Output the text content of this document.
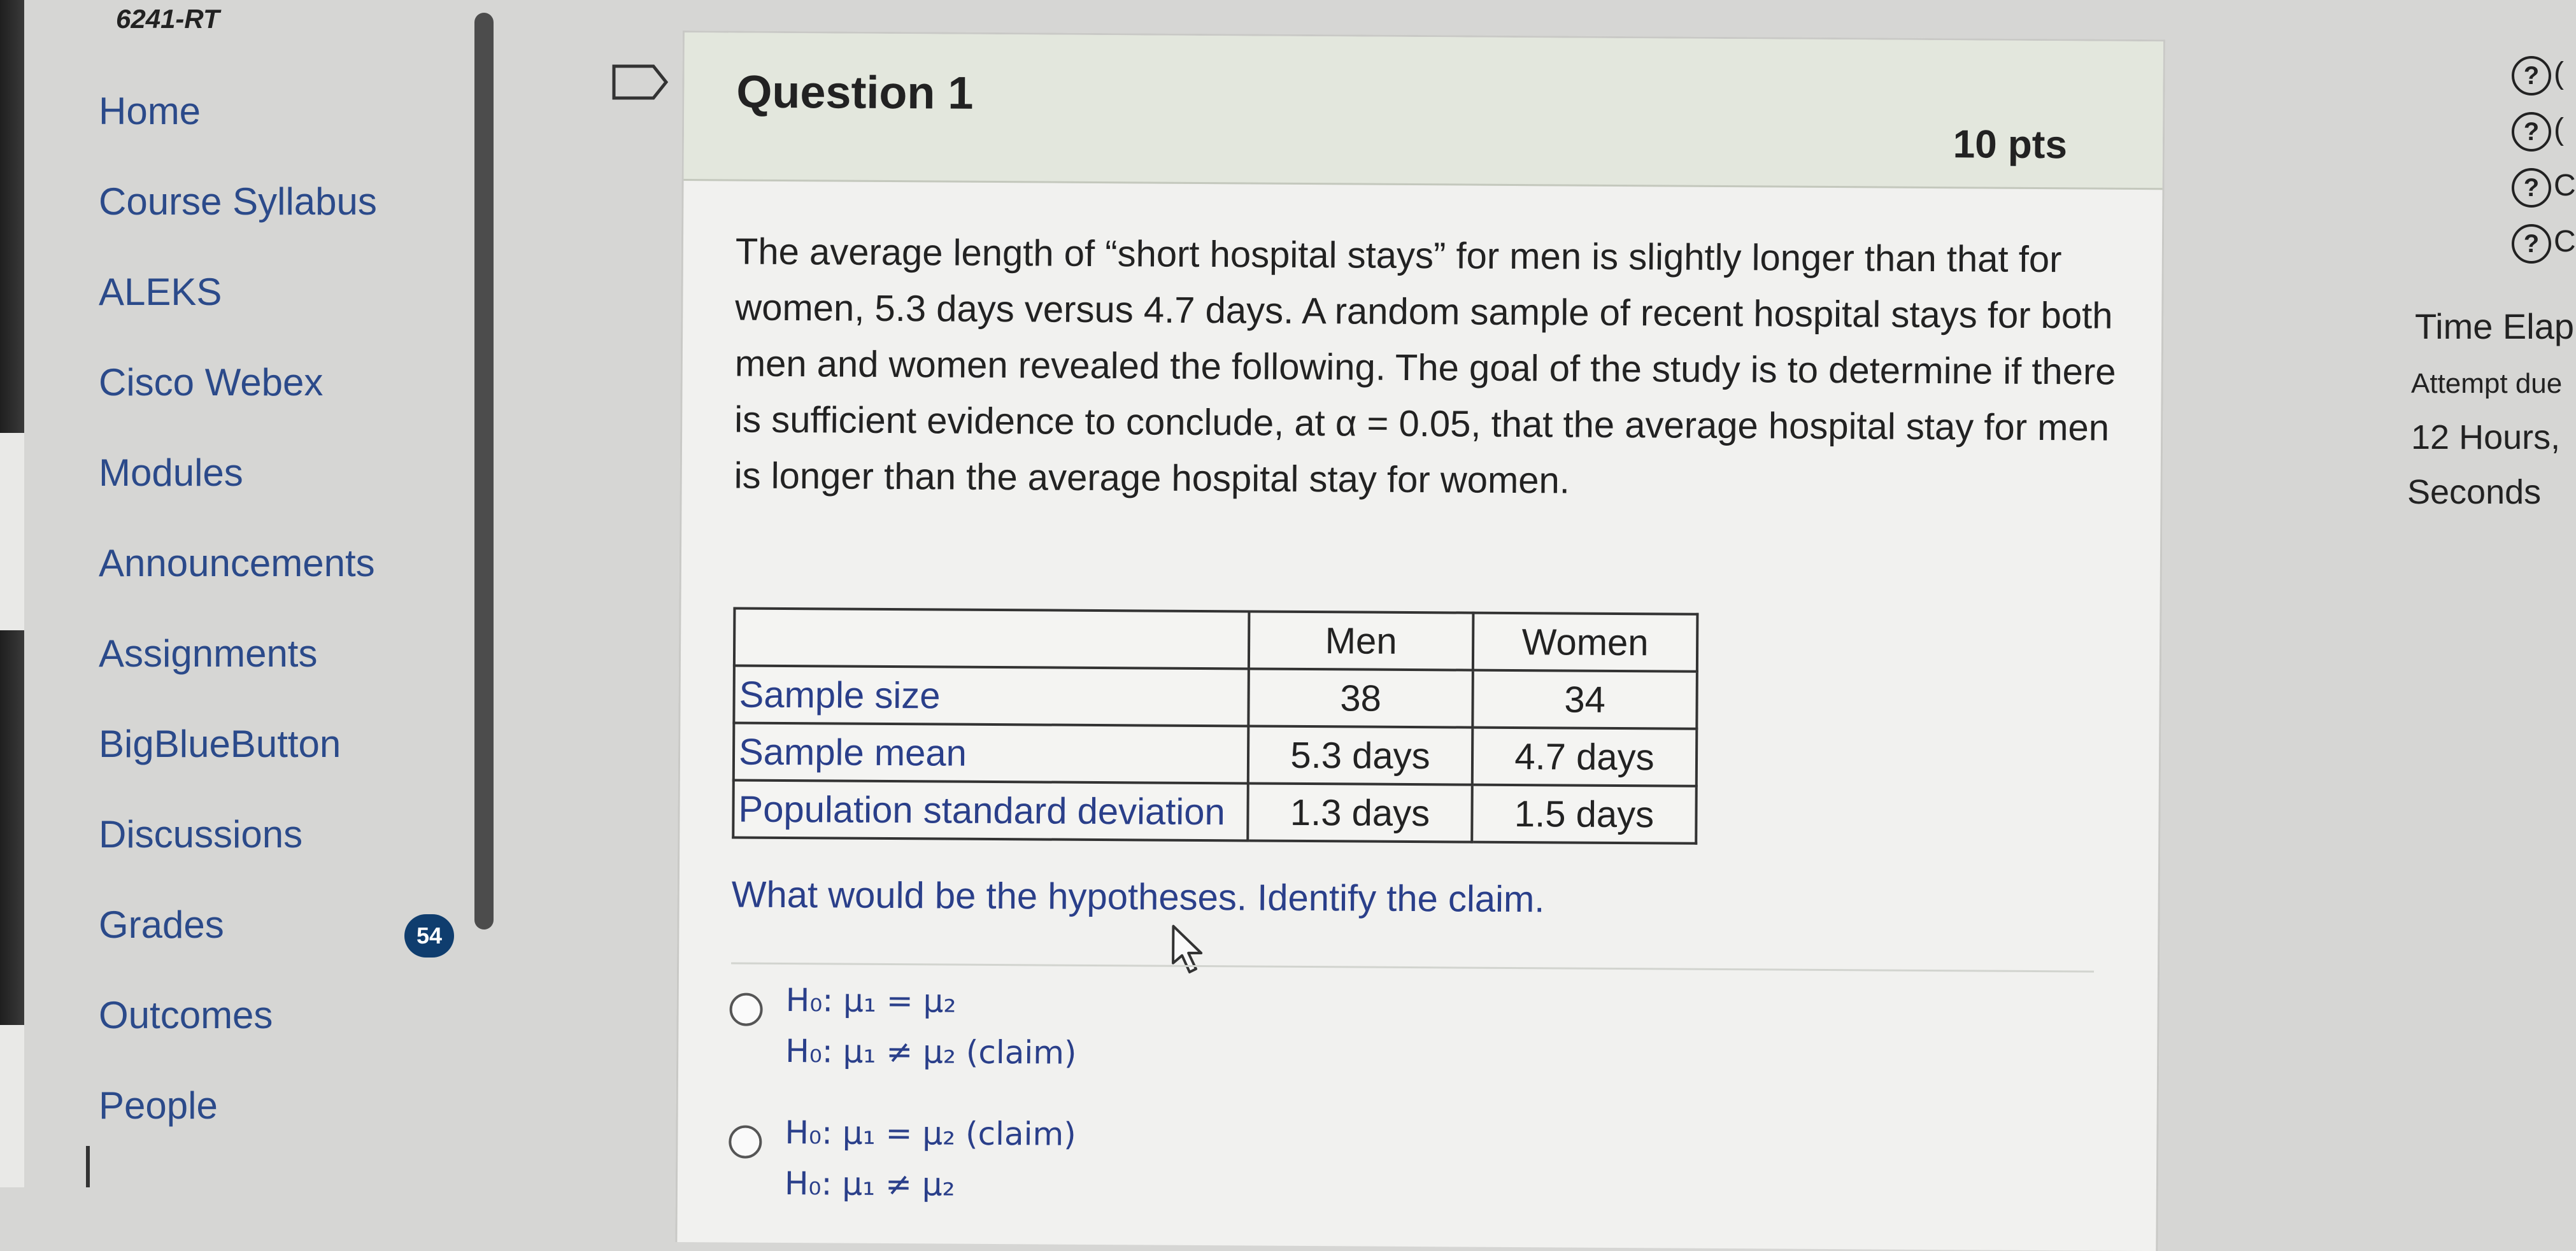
6241-RT
Home
Course Syllabus
ALEKS
Cisco Webex
Modules
Announcements
Assignments
BigBlueButton
Discussions
Grades	54
Outcomes
People
Question 1
10 pts
The average length of “short hospital stays” for men is slightly longer than that for
women, 5.3 days versus 4.7 days. A random sample of recent hospital stays for both
men and women revealed the following. The goal of the study is to determine if there
is sufficient evidence to conclude, at α = 0.05, that the average hospital stay for men
is longer than the average hospital stay for women.
	Men	Women
Sample size	38	34
Sample mean	5.3 days	4.7 days
Population standard deviation	1.3 days	1.5 days
What would be the hypotheses. Identify the claim.
H₀: μ₁ = μ₂
H₀: μ₁ ≠ μ₂ (claim)
H₀: μ₁ = μ₂ (claim)
H₀: μ₁ ≠ μ₂
? (
? (
? C
? C
Time Elap
Attempt due
12 Hours,
Seconds
